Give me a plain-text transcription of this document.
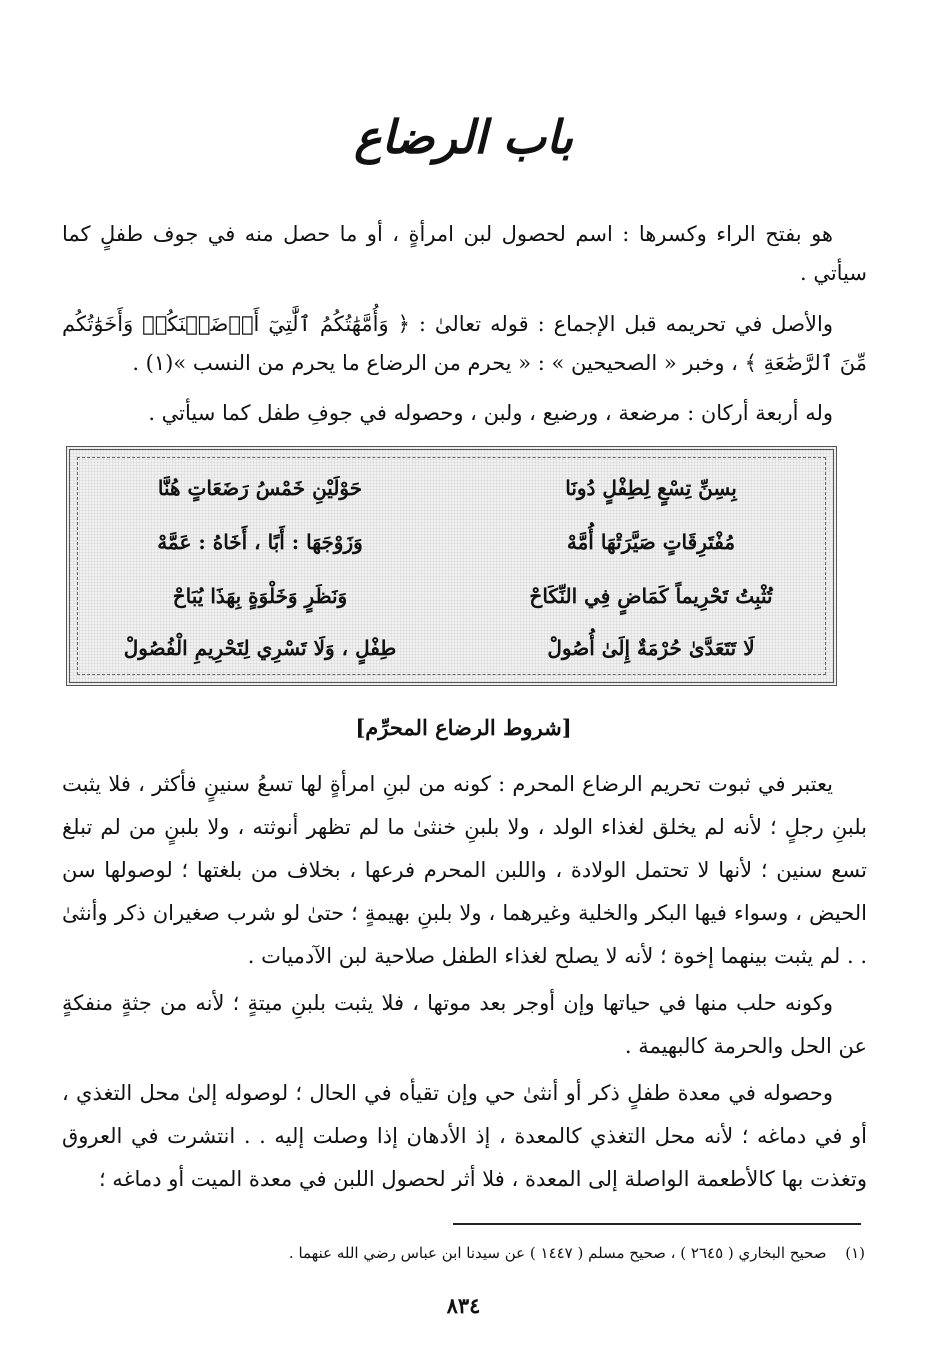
باب الرضاع

هو بفتح الراء وكسرها : اسم لحصول لبن امرأةٍ ، أو ما حصل منه في جوف طفلٍ كما سيأتي .

والأصل في تحريمه قبل الإجماع : قوله تعالىٰ : ﴿ وَأُمَّهَٰتُكُمُ ٱلَّٰتِيٓ أَرۡضَعۡنَكُمۡ وَأَخَوَٰتُكُم مِّنَ ٱلرَّضَٰعَةِ ﴾ ، وخبر « الصحيحين » : « يحرم من الرضاع ما يحرم من النسب »(١) .

وله أربعة أركان : مرضعة ، ورضيع ، ولبن ، وحصوله في جوفِ طفل كما سيأتي .

بِسِنِّ تِسْعٍ لِطِفْلٍ دُونَا
حَوْلَيْنِ خَمْسُ رَضَعَاتٍ هُنَّا
مُفْتَرِقَاتٍ صَيَّرَتْهَا أُمَّهْ
وَزَوْجَهَا : أَبًا ، أَخَاهُ : عَمَّهْ
تُثْبِتُ تَحْرِيماً كَمَاضٍ فِي النِّكَاحْ
وَنَظَرٍ وَخَلْوَةٍ بِهَذَا يُبَاحْ
لَا تَتَعَدَّىٰ حُرْمَةٌ إِلَىٰ أُصُولْ
طِفْلٍ ، وَلَا تَسْرِي لِتَحْرِيمِ الْفُصُولْ
[شروط الرضاع المحرِّم]

يعتبر في ثبوت تحريم الرضاع المحرم : كونه من لبنِ امرأةٍ لها تسعُ سنينٍ فأكثر ، فلا يثبت بلبنِ رجلٍ ؛ لأنه لم يخلق لغذاء الولد ، ولا بلبنِ خنثىٰ ما لم تظهر أنوثته ، ولا بلبنٍ من لم تبلغ تسع سنين ؛ لأنها لا تحتمل الولادة ، واللبن المحرم فرعها ، بخلاف من بلغتها ؛ لوصولها سن الحيض ، وسواء فيها البكر والخلية وغيرهما ، ولا بلبنِ بهيمةٍ ؛ حتىٰ لو شرب صغيران ذكر وأنثىٰ . . لم يثبت بينهما إخوة ؛ لأنه لا يصلح لغذاء الطفل صلاحية لبن الآدميات .

وكونه حلب منها في حياتها وإن أوجر بعد موتها ، فلا يثبت بلبنِ ميتةٍ ؛ لأنه من جثةٍ منفكةٍ عن الحل والحرمة كالبهيمة .

وحصوله في معدة طفلٍ ذكر أو أنثىٰ حي وإن تقيأه في الحال ؛ لوصوله إلىٰ محل التغذي ، أو في دماغه ؛ لأنه محل التغذي كالمعدة ، إذ الأدهان إذا وصلت إليه . . انتشرت في العروق وتغذت بها كالأطعمة الواصلة إلى المعدة ، فلا أثر لحصول اللبن في معدة الميت أو دماغه ؛

(١) صحيح البخاري ( ٢٦٤٥ ) ، صحيح مسلم ( ١٤٤٧ ) عن سيدنا ابن عباس رضي الله عنهما .
٨٣٤
